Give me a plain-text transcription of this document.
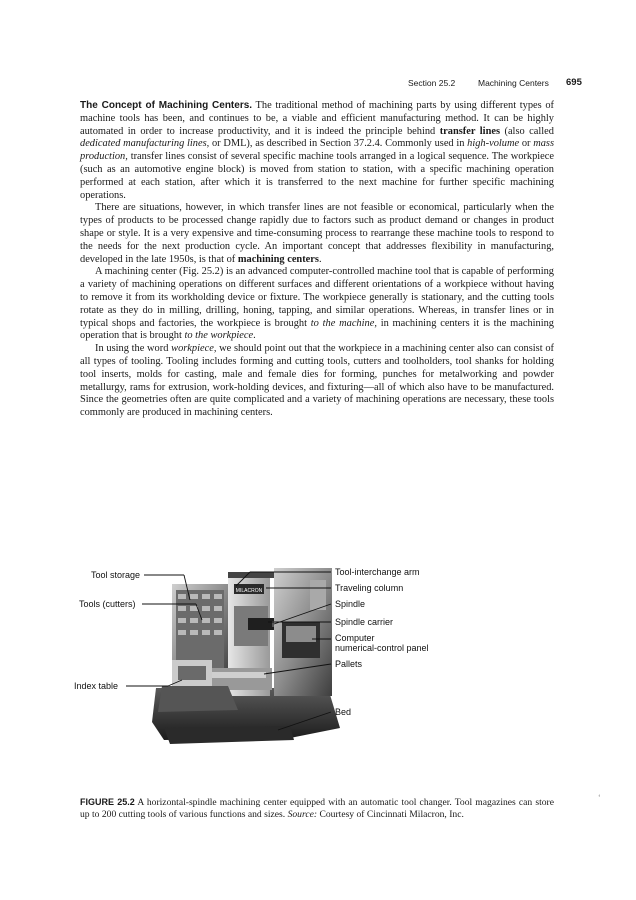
Section 25.2	Machining Centers 695

The Concept of Machining Centers. The traditional method of machining parts by using different types of machine tools has been, and continues to be, a viable and efficient manufacturing method. It can be highly automated in order to increase productivity, and it is indeed the principle behind transfer lines (also called dedicated manufacturing lines, or DML), as described in Section 37.2.4. Commonly used in high-volume or mass production, transfer lines consist of several specific machine tools arranged in a logical sequence. The workpiece (such as an automotive engine block) is moved from station to station, with a specific machining operation performed at each station, after which it is transferred to the next machine for further specific machining operations.

There are situations, however, in which transfer lines are not feasible or economical, particularly when the types of products to be processed change rapidly due to factors such as product demand or changes in product shape or style. It is a very expensive and time-consuming process to rearrange these machine tools to respond to the needs for the next production cycle. An important concept that addresses flexibility in manufacturing, developed in the late 1950s, is that of machining centers.

A machining center (Fig. 25.2) is an advanced computer-controlled machine tool that is capable of performing a variety of machining operations on different surfaces and different orientations of a workpiece without having to remove it from its workholding device or fixture. The workpiece generally is stationary, and the cutting tools rotate as they do in milling, drilling, honing, tapping, and similar operations. Whereas, in transfer lines or in typical shops and factories, the workpiece is brought to the machine, in machining centers it is the machining operation that is brought to the workpiece.

In using the word workpiece, we should point out that the workpiece in a machining center also can consist of all types of tooling. Tooling includes forming and cutting tools, cutters and toolholders, tool shanks for holding tool inserts, molds for casting, male and female dies for forming, punches for metalworking and powder metallurgy, rams for extrusion, work-holding devices, and fixturing—all of which also have to be manufactured. Since the geometries often are quite complicated and a variety of machining operations are necessary, these tools commonly are produced in machining centers.

MILACRON
Tool storage
Tools (cutters)
Index table
Tool-interchange arm
Traveling column
Spindle
Spindle carrier
Computer
numerical-control panel
Pallets
Bed
FIGURE 25.2 A horizontal-spindle machining center equipped with an automatic tool changer. Tool magazines can store up to 200 cutting tools of various functions and sizes. Source: Courtesy of Cincinnati Milacron, Inc.
‘
